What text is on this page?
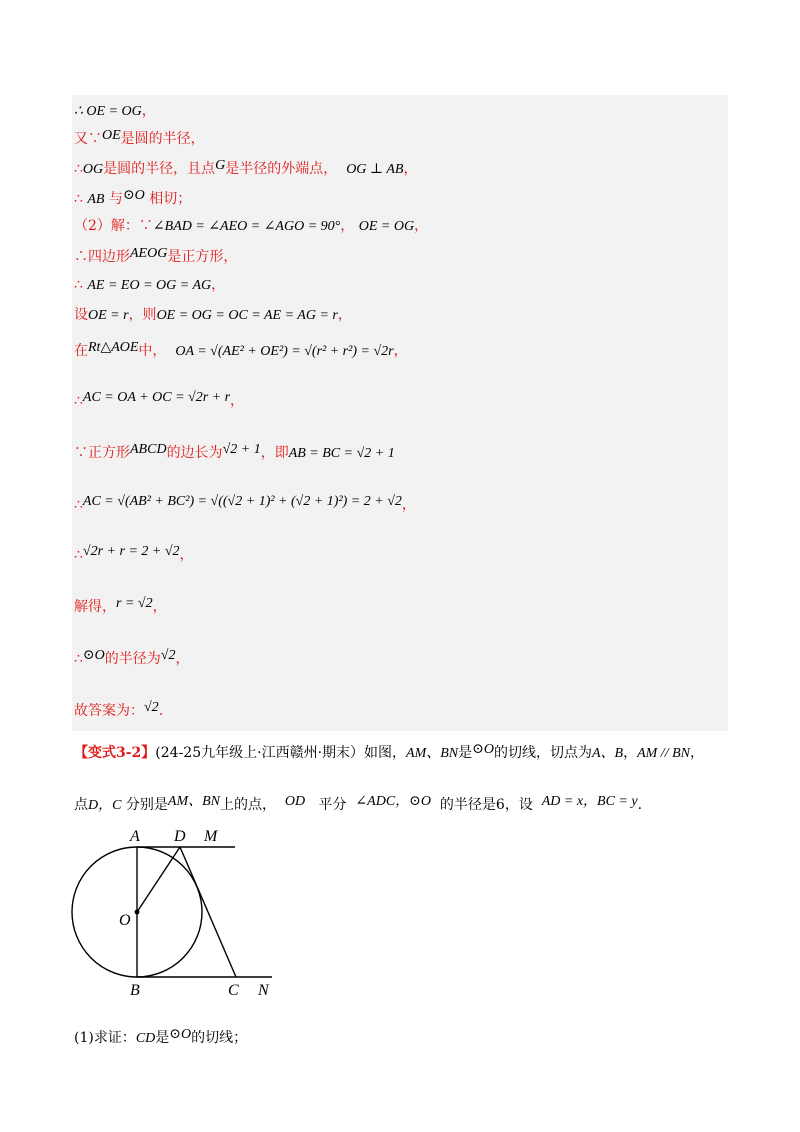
∴ OE = OG，
又∵OE是圆的半径，
∴OG是圆的半径，且点G是半径的外端点， OG ⊥ AB，
∴ AB 与⊙O 相切；
（2）解：∵∠BAD = ∠AEO = ∠AGO = 90°， OE = OG，
∴四边形AEOG是正方形，
∴ AE = EO = OG = AG，
设OE = r，则OE = OG = OC = AE = AG = r，
在Rt△AOE中， OA = √(AE² + OE²) = √(r² + r²) = √2r，
∴AC = OA + OC = √2r + r，
∵正方形ABCD的边长为√2 + 1，即AB = BC = √2 + 1
∴AC = √(AB² + BC²) = √((√2 + 1)² + (√2 + 1)²) = 2 + √2，
∴√2r + r = 2 + √2，
解得，r = √2，
∴⊙O的半径为√2，
故答案为：√2.
【变式3-2】(24-25九年级上·江西赣州·期末）如图，AM、BN是⊙O的切线，切点为A、B，AM // BN，
点D，C 分别是AM、BN上的点， OD 平分 ∠ADC，⊙O 的半径是6，设 AD = x，BC = y.
A D M
O
B	C N
(1)求证：CD是⊙O的切线；
